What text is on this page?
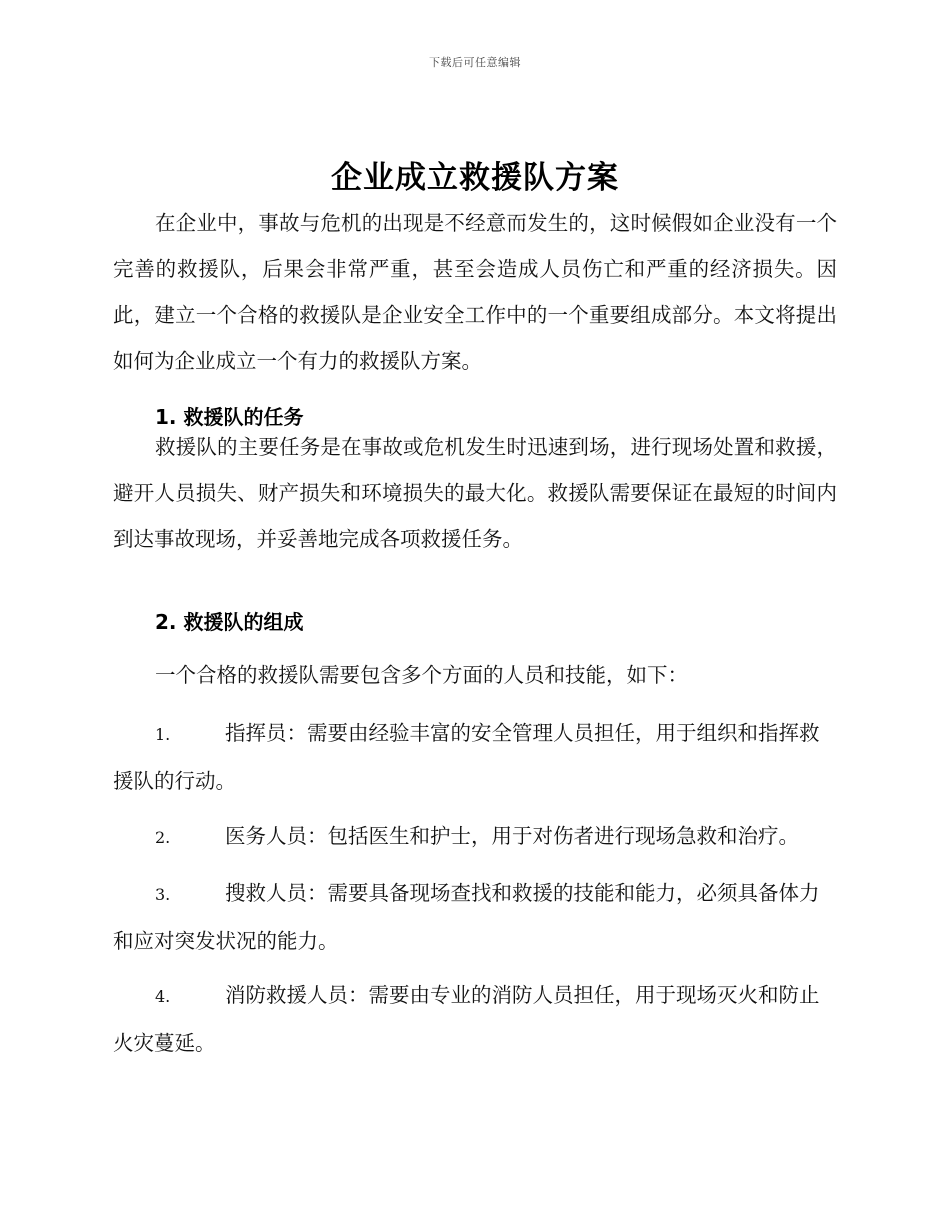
下载后可任意编辑
企业成立救援队方案

在企业中，事故与危机的出现是不经意而发生的，这时候假如企业没有一个完善的救援队，后果会非常严重，甚至会造成人员伤亡和严重的经济损失。因此，建立一个合格的救援队是企业安全工作中的一个重要组成部分。本文将提出如何为企业成立一个有力的救援队方案。

1. 救援队的任务

救援队的主要任务是在事故或危机发生时迅速到场，进行现场处置和救援，避开人员损失、财产损失和环境损失的最大化。救援队需要保证在最短的时间内到达事故现场，并妥善地完成各项救援任务。

2. 救援队的组成

一个合格的救援队需要包含多个方面的人员和技能，如下：

1.	指挥员：需要由经验丰富的安全管理人员担任，用于组织和指挥救援队的行动。
2.	医务人员：包括医生和护士，用于对伤者进行现场急救和治疗。
3.	搜救人员：需要具备现场查找和救援的技能和能力，必须具备体力和应对突发状况的能力。
4.	消防救援人员：需要由专业的消防人员担任，用于现场灭火和防止火灾蔓延。
